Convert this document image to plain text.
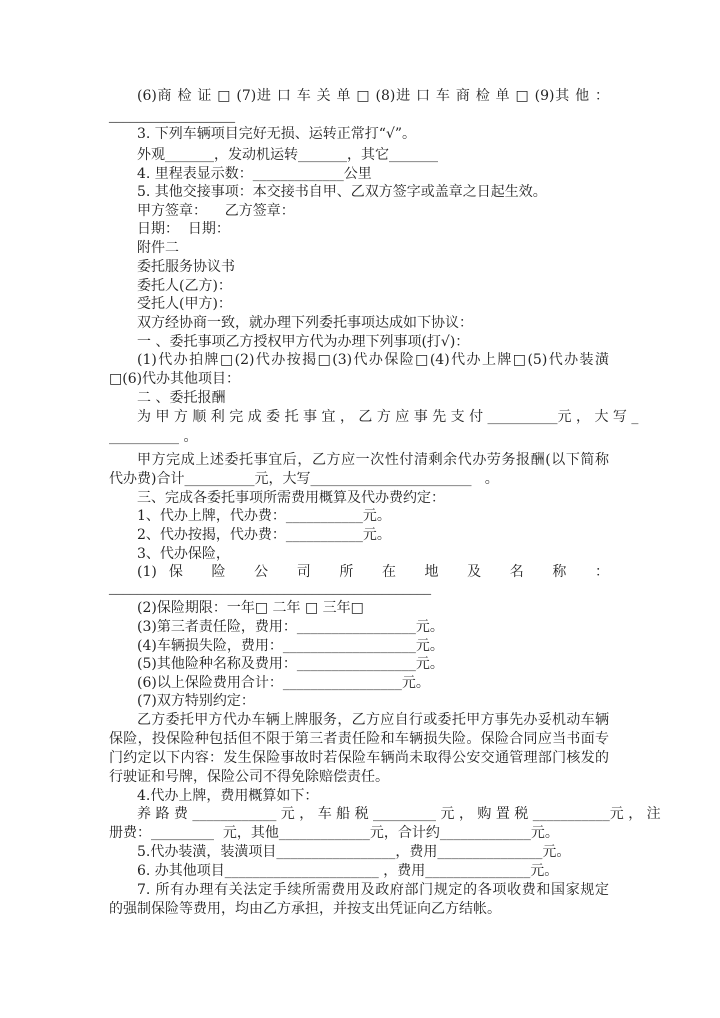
(6)商 检 证 □ (7)进 口 车 关 单 □ (8)进 口 车 商 检 单 □ (9)其 他 ：
__________________
3. 下列车辆项目完好无损、运转正常打“√”。
外观_______，发动机运转_______，其它_______
4. 里程表显示数：_____________公里
5. 其他交接事项：本交接书自甲、乙双方签字或盖章之日起生效。
甲方签章：    乙方签章：
日期：  日期：
附件二
委托服务协议书
委托人(乙方)：
受托人(甲方)：
双方经协商一致，就办理下列委托事项达成如下协议：
一 、委托事项乙方授权甲方代为办理下列事项(打√)：
(1)代办拍牌□(2)代办按揭□(3)代办保险□(4)代办上牌□(5)代办装潢
□(6)代办其他项目：
二 、委托报酬
为 甲 方 顺 利 完 成 委 托 事 宜 ， 乙 方 应 事 先 支 付 __________元 ， 大 写 _
__________ 。
甲方完成上述委托事宜后，乙方应一次性付清剩余代办劳务报酬(以下简称
代办费)合计__________元，大写_______________________   。
三、完成各委托事项所需费用概算及代办费约定：
1、代办上牌，代办费：___________元。
2、代办按揭，代办费：___________元。
3、代办保险，
(1)保 险 公 司 所 在 地 及 名 称 ：
______________________________________________
(2)保险期限：一年□ 二年 □ 三年□
(3)第三者责任险，费用：_________________元。
(4)车辆损失险，费用：___________________元。
(5)其他险种名称及费用：_________________元。
(6)以上保险费用合计：_________________元。
(7)双方特别约定：
乙方委托甲方代办车辆上牌服务，乙方应自行或委托甲方事先办妥机动车辆
保险，投保险种包括但不限于第三者责任险和车辆损失险。保险合同应当书面专
门约定以下内容：发生保险事故时若保险车辆尚未取得公安交通管理部门核发的
行驶证和号牌，保险公司不得免除赔偿责任。
4.代办上牌，费用概算如下：
养 路 费 ____________ 元 ， 车 船 税 _________ 元 ， 购 置 税 ___________元 ， 注
册费：_________  元，其他_____________元，合计约_____________元。
5.代办装潢，装潢项目_________________，费用_______________元。
6. 办其他项目______________________ ，费用_______________元。
7. 所有办理有关法定手续所需费用及政府部门规定的各项收费和国家规定
的强制保险等费用，均由乙方承担，并按支出凭证向乙方结帐。
